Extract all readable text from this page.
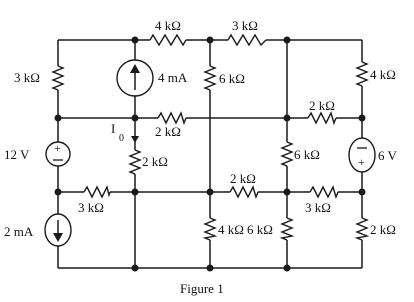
+
+
3 kΩ
4 kΩ	3 kΩ
4 kΩ
4 mA 6 kΩ
2 kΩ
2 kΩ
I
0
2 kΩ
12 V	6 V
6 kΩ
2 kΩ
3 kΩ	3 kΩ
2 mA	4 kΩ 6 kΩ	2 kΩ
Figure 1
